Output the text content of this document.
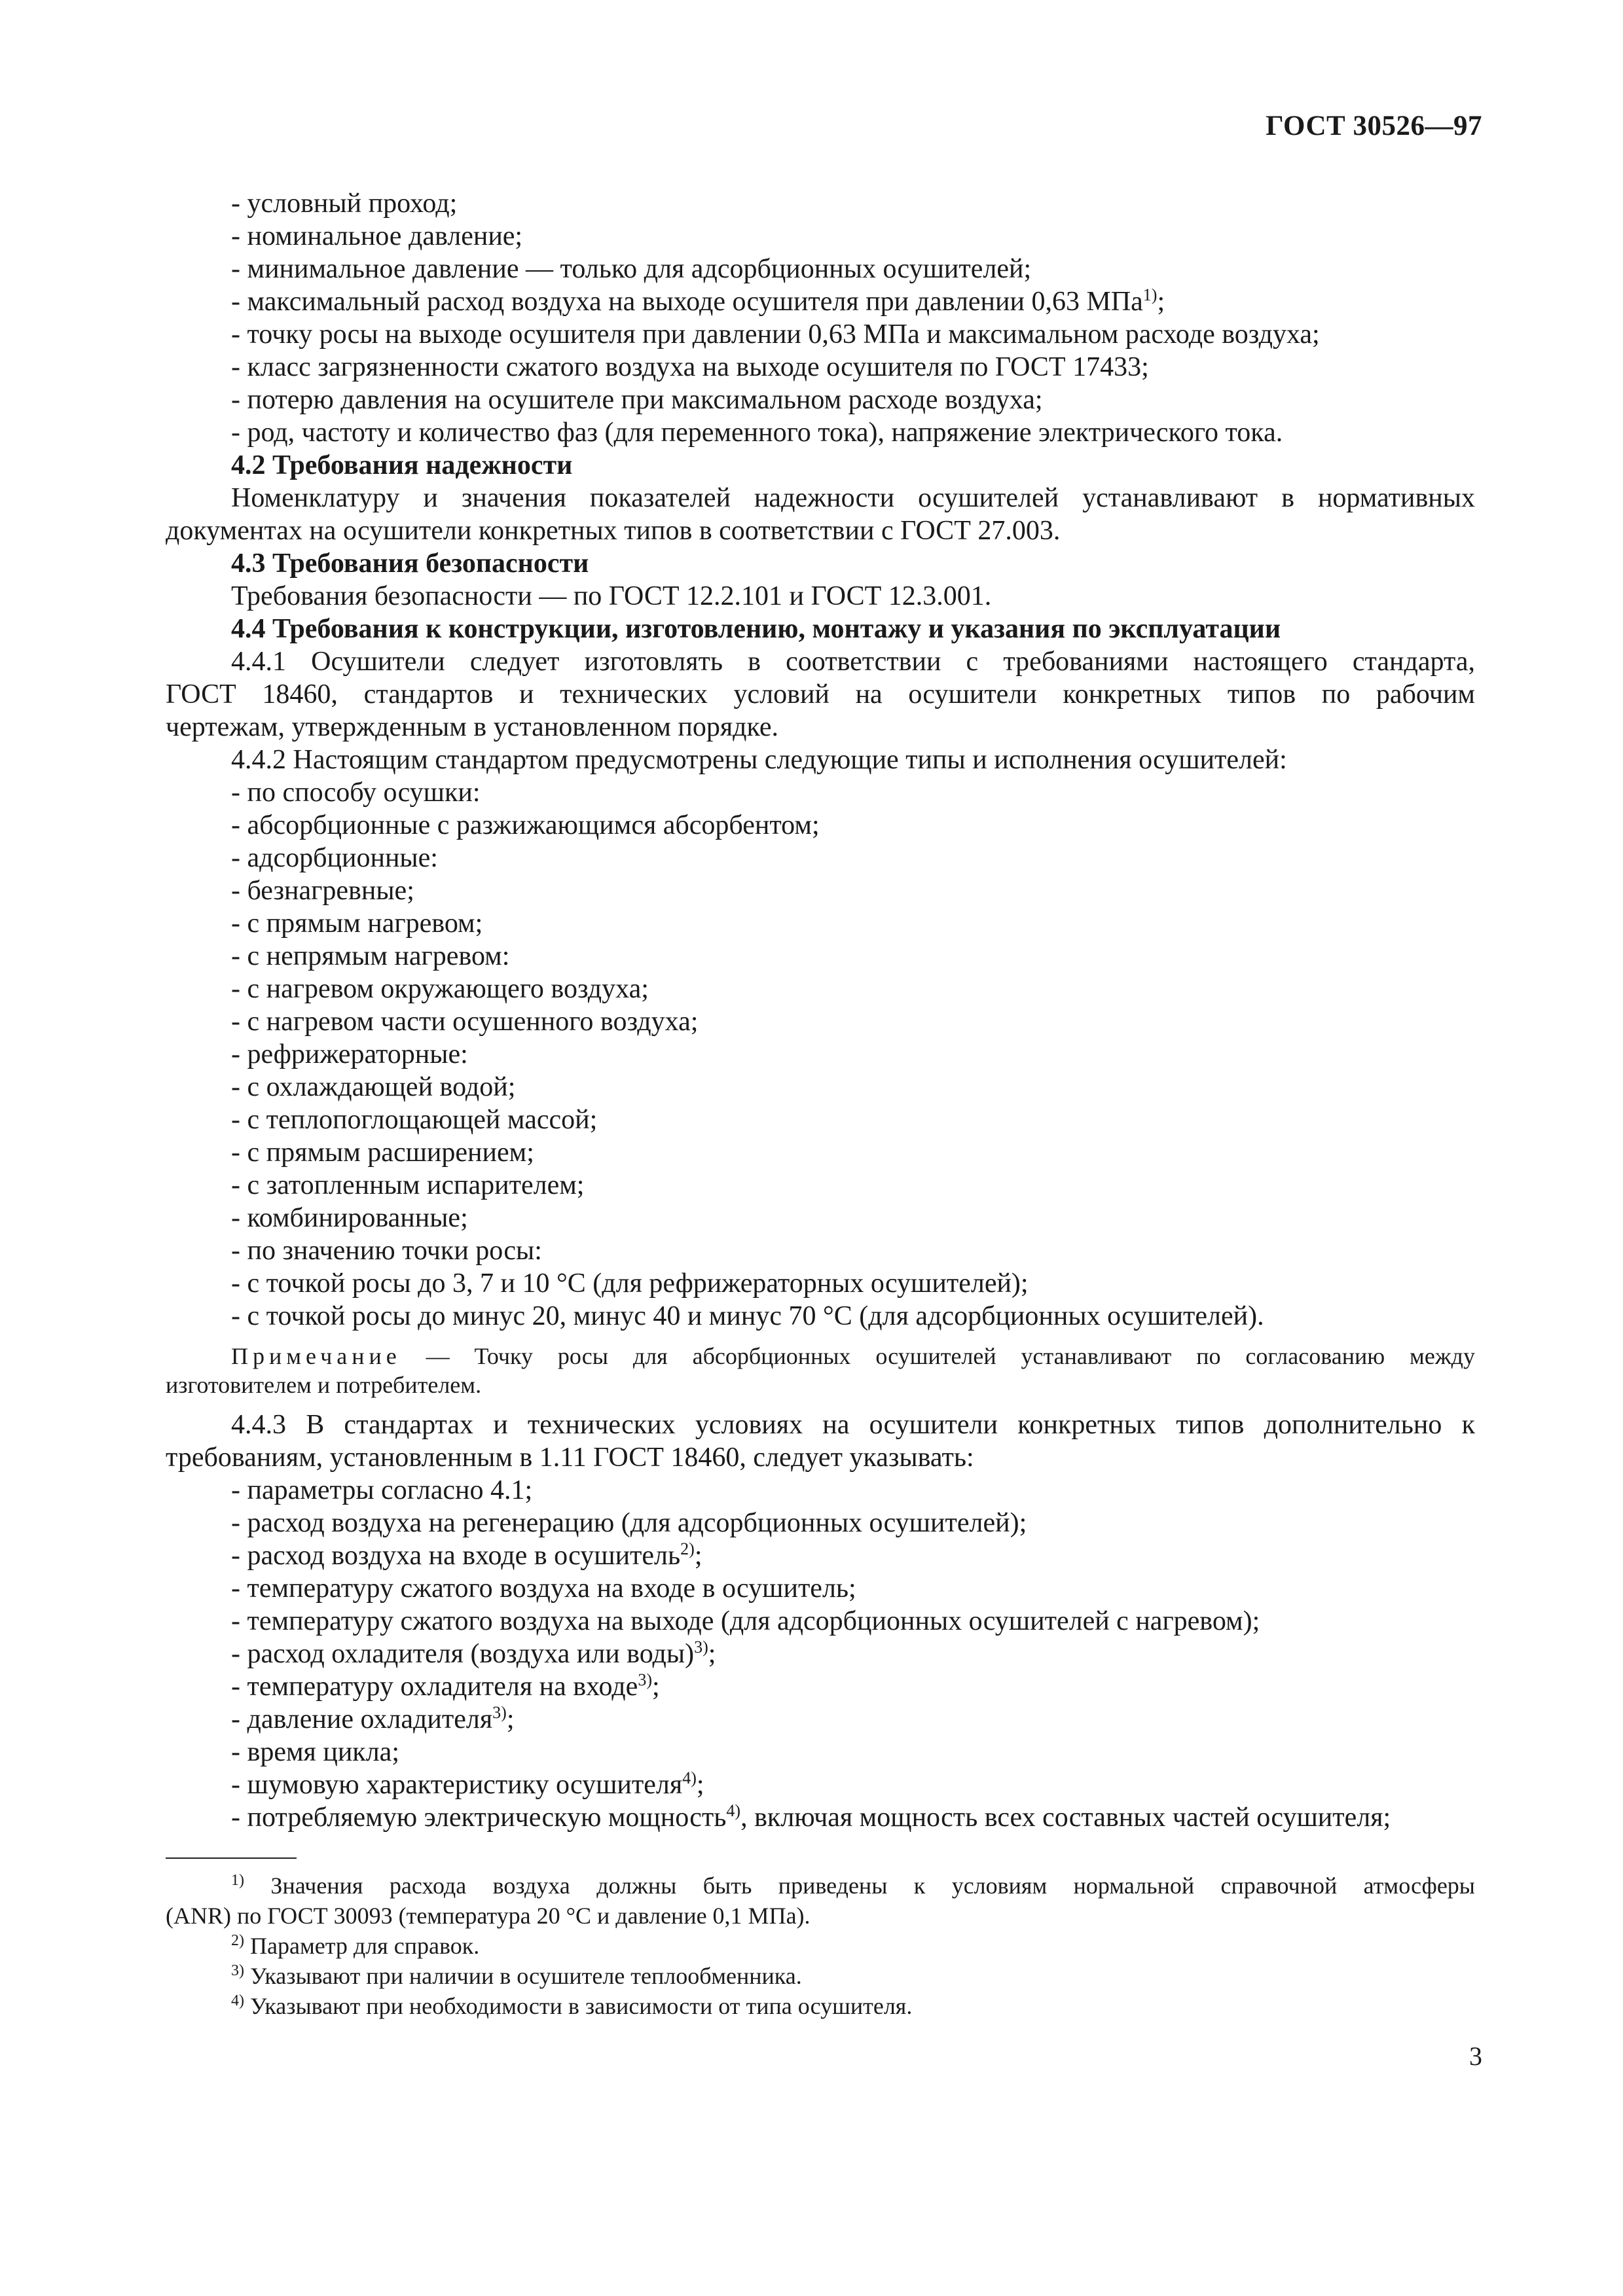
ГОСТ 30526—97
- условный проход;
- номинальное давление;
- минимальное давление — только для адсорбционных осушителей;
- максимальный расход воздуха на выходе осушителя при давлении 0,63 МПа$^{1)}$;
- точку росы на выходе осушителя при давлении 0,63 МПа и максимальном расходе воздуха;
- класс загрязненности сжатого воздуха на выходе осушителя по ГОСТ 17433;
- потерю давления на осушителе при максимальном расходе воздуха;
- род, частоту и количество фаз (для переменного тока), напряжение электрического тока.
4.2 Требования надежности
Номенклатуру и значения показателей надежности осушителей устанавливают в нормативных
документах на осушители конкретных типов в соответствии с ГОСТ 27.003.
4.3 Требования безопасности
Требования безопасности — по ГОСТ 12.2.101 и ГОСТ 12.3.001.
4.4 Требования к конструкции, изготовлению, монтажу и указания по эксплуатации
4.4.1 Осушители следует изготовлять в соответствии с требованиями настоящего стандарта,
ГОСТ 18460, стандартов и технических условий на осушители конкретных типов по рабочим
чертежам, утвержденным в установленном порядке.
4.4.2 Настоящим стандартом предусмотрены следующие типы и исполнения осушителей:
- по способу осушки:
- абсорбционные с разжижающимся абсорбентом;
- адсорбционные:
- безнагревные;
- с прямым нагревом;
- с непрямым нагревом:
- с нагревом окружающего воздуха;
- с нагревом части осушенного воздуха;
- рефрижераторные:
- с охлаждающей водой;
- с теплопоглощающей массой;
- с прямым расширением;
- с затопленным испарителем;
- комбинированные;
- по значению точки росы:
- с точкой росы до 3, 7 и 10 °С (для рефрижераторных осушителей);
- с точкой росы до минус 20, минус 40 и минус 70 °С (для адсорбционных осушителей).
Примечание — Точку росы для абсорбционных осушителей устанавливают по согласованию между
изготовителем и потребителем.
4.4.3 В стандартах и технических условиях на осушители конкретных типов дополнительно к
требованиям, установленным в 1.11 ГОСТ 18460, следует указывать:
- параметры согласно 4.1;
- расход воздуха на регенерацию (для адсорбционных осушителей);
- расход воздуха на входе в осушитель$^{2)}$;
- температуру сжатого воздуха на входе в осушитель;
- температуру сжатого воздуха на выходе (для адсорбционных осушителей с нагревом);
- расход охладителя (воздуха или воды)$^{3)}$;
- температуру охладителя на входе$^{3)}$;
- давление охладителя$^{3)}$;
- время цикла;
- шумовую характеристику осушителя$^{4)}$;
- потребляемую электрическую мощность$^{4)}$, включая мощность всех составных частей осушителя;
$^{1)}$ Значения расхода воздуха должны быть приведены к условиям нормальной справочной атмосферы
(ANR) по ГОСТ 30093 (температура 20 °С и давление 0,1 МПа).
$^{2)}$ Параметр для справок.
$^{3)}$ Указывают при наличии в осушителе теплообменника.
$^{4)}$ Указывают при необходимости в зависимости от типа осушителя.
3
